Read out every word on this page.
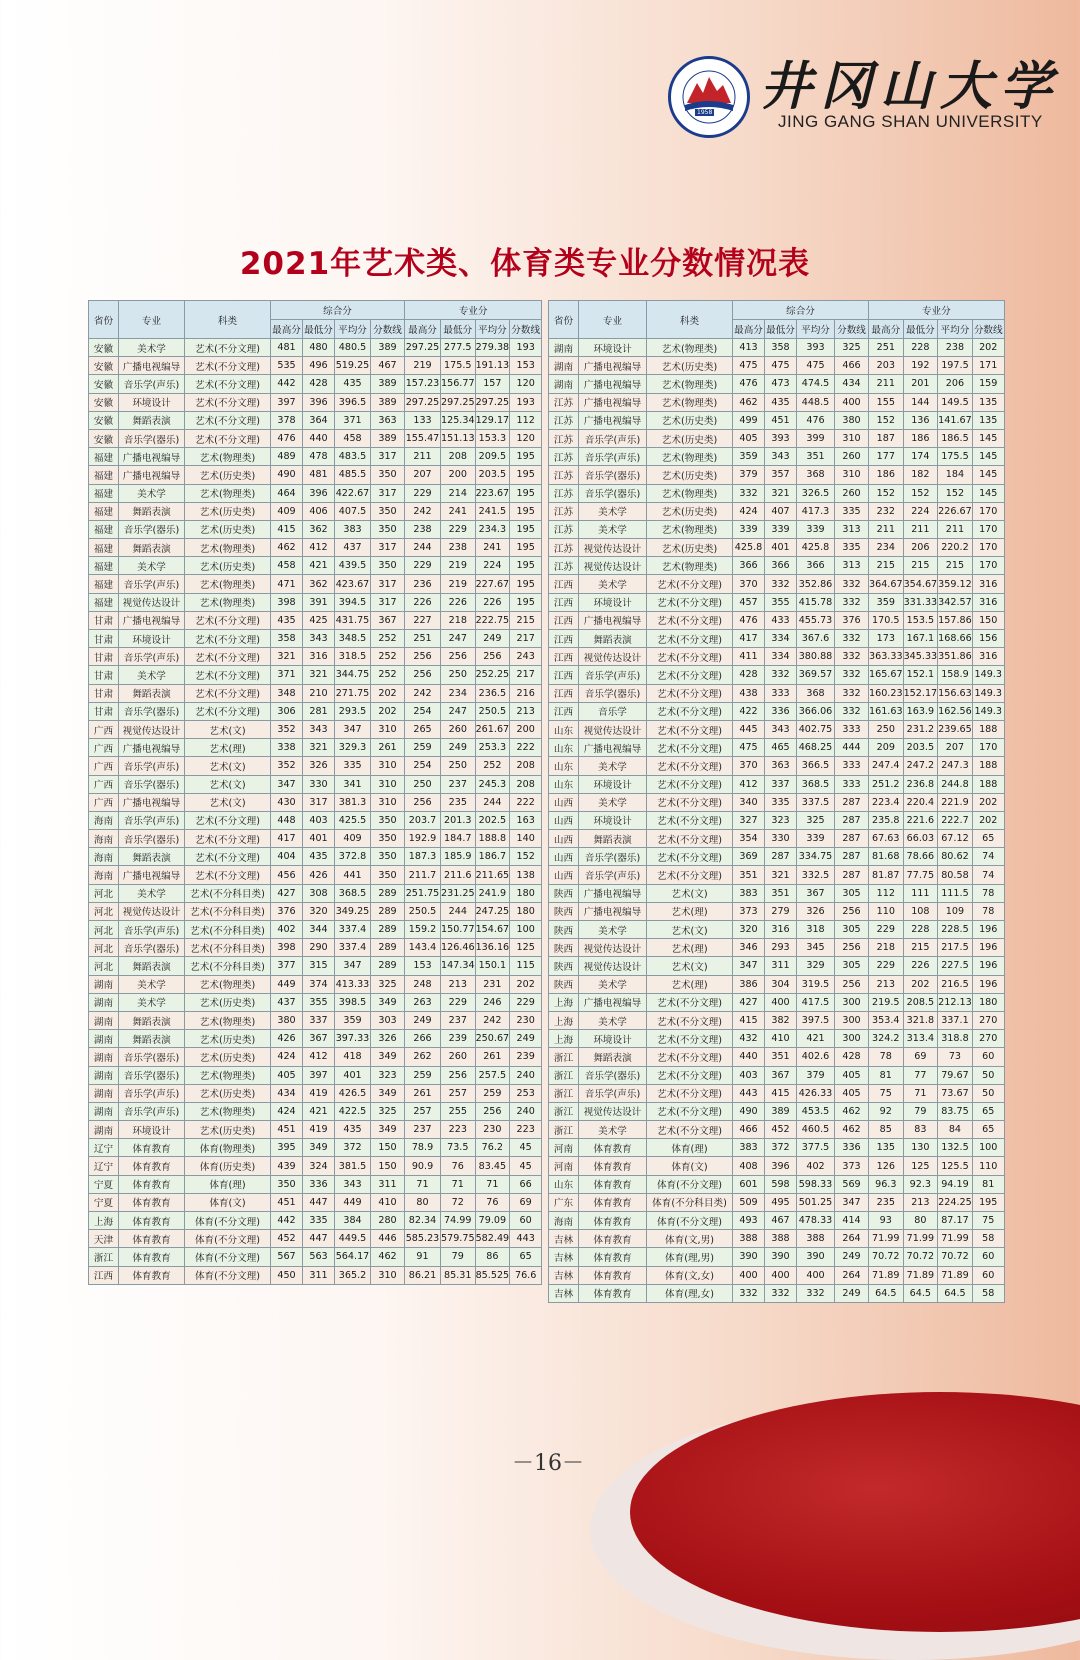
1958 井冈山大学
JING GANG SHAN UNIVERSITY
2021年艺术类、体育类专业分数情况表
省份	专业	科类	综合分				专业分			
			最高分	最低分	平均分	分数线	最高分	最低分	平均分	分数线
安徽	美术学	艺术(不分文理)	481	480	480.5	389	297.25	277.5	279.38	193
安徽	广播电视编导	艺术(不分文理)	535	496	519.25	467	219	175.5	191.13	153
安徽	音乐学(声乐)	艺术(不分文理)	442	428	435	389	157.23	156.77	157	120
安徽	环境设计	艺术(不分文理)	397	396	396.5	389	297.25	297.25	297.25	193
安徽	舞蹈表演	艺术(不分文理)	378	364	371	363	133	125.34	129.17	112
安徽	音乐学(器乐)	艺术(不分文理)	476	440	458	389	155.47	151.13	153.3	120
福建	广播电视编导	艺术(物理类)	489	478	483.5	317	211	208	209.5	195
福建	广播电视编导	艺术(历史类)	490	481	485.5	350	207	200	203.5	195
福建	美术学	艺术(物理类)	464	396	422.67	317	229	214	223.67	195
福建	舞蹈表演	艺术(历史类)	409	406	407.5	350	242	241	241.5	195
福建	音乐学(器乐)	艺术(历史类)	415	362	383	350	238	229	234.3	195
福建	舞蹈表演	艺术(物理类)	462	412	437	317	244	238	241	195
福建	美术学	艺术(历史类)	458	421	439.5	350	229	219	224	195
福建	音乐学(声乐)	艺术(物理类)	471	362	423.67	317	236	219	227.67	195
福建	视觉传达设计	艺术(物理类)	398	391	394.5	317	226	226	226	195
甘肃	广播电视编导	艺术(不分文理)	435	425	431.75	367	227	218	222.75	215
甘肃	环境设计	艺术(不分文理)	358	343	348.5	252	251	247	249	217
甘肃	音乐学(声乐)	艺术(不分文理)	321	316	318.5	252	256	256	256	243
甘肃	美术学	艺术(不分文理)	371	321	344.75	252	256	250	252.25	217
甘肃	舞蹈表演	艺术(不分文理)	348	210	271.75	202	242	234	236.5	216
甘肃	音乐学(器乐)	艺术(不分文理)	306	281	293.5	202	254	247	250.5	213
广西	视觉传达设计	艺术(文)	352	343	347	310	265	260	261.67	200
广西	广播电视编导	艺术(理)	338	321	329.3	261	259	249	253.3	222
广西	音乐学(声乐)	艺术(文)	352	326	335	310	254	250	252	208
广西	音乐学(器乐)	艺术(文)	347	330	341	310	250	237	245.3	208
广西	广播电视编导	艺术(文)	430	317	381.3	310	256	235	244	222
海南	音乐学(声乐)	艺术(不分文理)	448	403	425.5	350	203.7	201.3	202.5	163
海南	音乐学(器乐)	艺术(不分文理)	417	401	409	350	192.9	184.7	188.8	140
海南	舞蹈表演	艺术(不分文理)	404	435	372.8	350	187.3	185.9	186.7	152
海南	广播电视编导	艺术(不分文理)	456	426	441	350	211.7	211.6	211.65	138
河北	美术学	艺术(不分科目类)	427	308	368.5	289	251.75	231.25	241.9	180
河北	视觉传达设计	艺术(不分科目类)	376	320	349.25	289	250.5	244	247.25	180
河北	音乐学(声乐)	艺术(不分科目类)	402	344	337.4	289	159.2	150.77	154.67	100
河北	音乐学(器乐)	艺术(不分科目类)	398	290	337.4	289	143.4	126.46	136.16	125
河北	舞蹈表演	艺术(不分科目类)	377	315	347	289	153	147.34	150.1	115
湖南	美术学	艺术(物理类)	449	374	413.33	325	248	213	231	202
湖南	美术学	艺术(历史类)	437	355	398.5	349	263	229	246	229
湖南	舞蹈表演	艺术(物理类)	380	337	359	303	249	237	242	230
湖南	舞蹈表演	艺术(历史类)	426	367	397.33	326	266	239	250.67	249
湖南	音乐学(器乐)	艺术(历史类)	424	412	418	349	262	260	261	239
湖南	音乐学(器乐)	艺术(物理类)	405	397	401	323	259	256	257.5	240
湖南	音乐学(声乐)	艺术(历史类)	434	419	426.5	349	261	257	259	253
湖南	音乐学(声乐)	艺术(物理类)	424	421	422.5	325	257	255	256	240
湖南	环境设计	艺术(历史类)	451	419	435	349	237	223	230	223
辽宁	体育教育	体育(物理类)	395	349	372	150	78.9	73.5	76.2	45
辽宁	体育教育	体育(历史类)	439	324	381.5	150	90.9	76	83.45	45
宁夏	体育教育	体育(理)	350	336	343	311	71	71	71	66
宁夏	体育教育	体育(文)	451	447	449	410	80	72	76	69
上海	体育教育	体育(不分文理)	442	335	384	280	82.34	74.99	79.09	60
天津	体育教育	体育(不分文理)	452	447	449.5	446	585.23	579.75	582.49	443
浙江	体育教育	体育(不分文理)	567	563	564.17	462	91	79	86	65
江西	体育教育	体育(不分文理)	450	311	365.2	310	86.21	85.31	85.525	76.6
省份	专业	科类	综合分				专业分			
			最高分	最低分	平均分	分数线	最高分	最低分	平均分	分数线
湖南	环境设计	艺术(物理类)	413	358	393	325	251	228	238	202
湖南	广播电视编导	艺术(历史类)	475	475	475	466	203	192	197.5	171
湖南	广播电视编导	艺术(物理类)	476	473	474.5	434	211	201	206	159
江苏	广播电视编导	艺术(物理类)	462	435	448.5	400	155	144	149.5	135
江苏	广播电视编导	艺术(历史类)	499	451	476	380	152	136	141.67	135
江苏	音乐学(声乐)	艺术(历史类)	405	393	399	310	187	186	186.5	145
江苏	音乐学(声乐)	艺术(物理类)	359	343	351	260	177	174	175.5	145
江苏	音乐学(器乐)	艺术(历史类)	379	357	368	310	186	182	184	145
江苏	音乐学(器乐)	艺术(物理类)	332	321	326.5	260	152	152	152	145
江苏	美术学	艺术(历史类)	424	407	417.3	335	232	224	226.67	170
江苏	美术学	艺术(物理类)	339	339	339	313	211	211	211	170
江苏	视觉传达设计	艺术(历史类)	425.8	401	425.8	335	234	206	220.2	170
江苏	视觉传达设计	艺术(物理类)	366	366	366	313	215	215	215	170
江西	美术学	艺术(不分文理)	370	332	352.86	332	364.67	354.67	359.12	316
江西	环境设计	艺术(不分文理)	457	355	415.78	332	359	331.33	342.57	316
江西	广播电视编导	艺术(不分文理)	476	433	455.73	376	170.5	153.5	157.86	150
江西	舞蹈表演	艺术(不分文理)	417	334	367.6	332	173	167.1	168.66	156
江西	视觉传达设计	艺术(不分文理)	411	334	380.88	332	363.33	345.33	351.86	316
江西	音乐学(声乐)	艺术(不分文理)	428	332	369.57	332	165.67	152.1	158.9	149.3
江西	音乐学(器乐)	艺术(不分文理)	438	333	368	332	160.23	152.17	156.63	149.3
江西	音乐学	艺术(不分文理)	422	336	366.06	332	161.63	163.9	162.56	149.3
山东	视觉传达设计	艺术(不分文理)	445	343	402.75	333	250	231.2	239.65	188
山东	广播电视编导	艺术(不分文理)	475	465	468.25	444	209	203.5	207	170
山东	美术学	艺术(不分文理)	370	363	366.5	333	247.4	247.2	247.3	188
山东	环境设计	艺术(不分文理)	412	337	368.5	333	251.2	236.8	244.8	188
山西	美术学	艺术(不分文理)	340	335	337.5	287	223.4	220.4	221.9	202
山西	环境设计	艺术(不分文理)	327	323	325	287	235.8	221.6	222.7	202
山西	舞蹈表演	艺术(不分文理)	354	330	339	287	67.63	66.03	67.12	65
山西	音乐学(器乐)	艺术(不分文理)	369	287	334.75	287	81.68	78.66	80.62	74
山西	音乐学(声乐)	艺术(不分文理)	351	321	332.5	287	81.87	77.75	80.58	74
陕西	广播电视编导	艺术(文)	383	351	367	305	112	111	111.5	78
陕西	广播电视编导	艺术(理)	373	279	326	256	110	108	109	78
陕西	美术学	艺术(文)	320	316	318	305	229	228	228.5	196
陕西	视觉传达设计	艺术(理)	346	293	345	256	218	215	217.5	196
陕西	视觉传达设计	艺术(文)	347	311	329	305	229	226	227.5	196
陕西	美术学	艺术(理)	386	304	319.5	256	213	202	216.5	196
上海	广播电视编导	艺术(不分文理)	427	400	417.5	300	219.5	208.5	212.13	180
上海	美术学	艺术(不分文理)	415	382	397.5	300	353.4	321.8	337.1	270
上海	环境设计	艺术(不分文理)	432	410	421	300	324.2	313.4	318.8	270
浙江	舞蹈表演	艺术(不分文理)	440	351	402.6	428	78	69	73	60
浙江	音乐学(器乐)	艺术(不分文理)	403	367	379	405	81	77	79.67	50
浙江	音乐学(声乐)	艺术(不分文理)	443	415	426.33	405	75	71	73.67	50
浙江	视觉传达设计	艺术(不分文理)	490	389	453.5	462	92	79	83.75	65
浙江	美术学	艺术(不分文理)	466	452	460.5	462	85	83	84	65
河南	体育教育	体育(理)	383	372	377.5	336	135	130	132.5	100
河南	体育教育	体育(文)	408	396	402	373	126	125	125.5	110
山东	体育教育	体育(不分文理)	601	598	598.33	569	96.3	92.3	94.19	81
广东	体育教育	体育(不分科目类)	509	495	501.25	347	235	213	224.25	195
海南	体育教育	体育(不分文理)	493	467	478.33	414	93	80	87.17	75
吉林	体育教育	体育(文,男)	388	388	388	264	71.99	71.99	71.99	58
吉林	体育教育	体育(理,男)	390	390	390	249	70.72	70.72	70.72	60
吉林	体育教育	体育(文,女)	400	400	400	264	71.89	71.89	71.89	60
吉林	体育教育	体育(理,女)	332	332	332	249	64.5	64.5	64.5	58
－16－
